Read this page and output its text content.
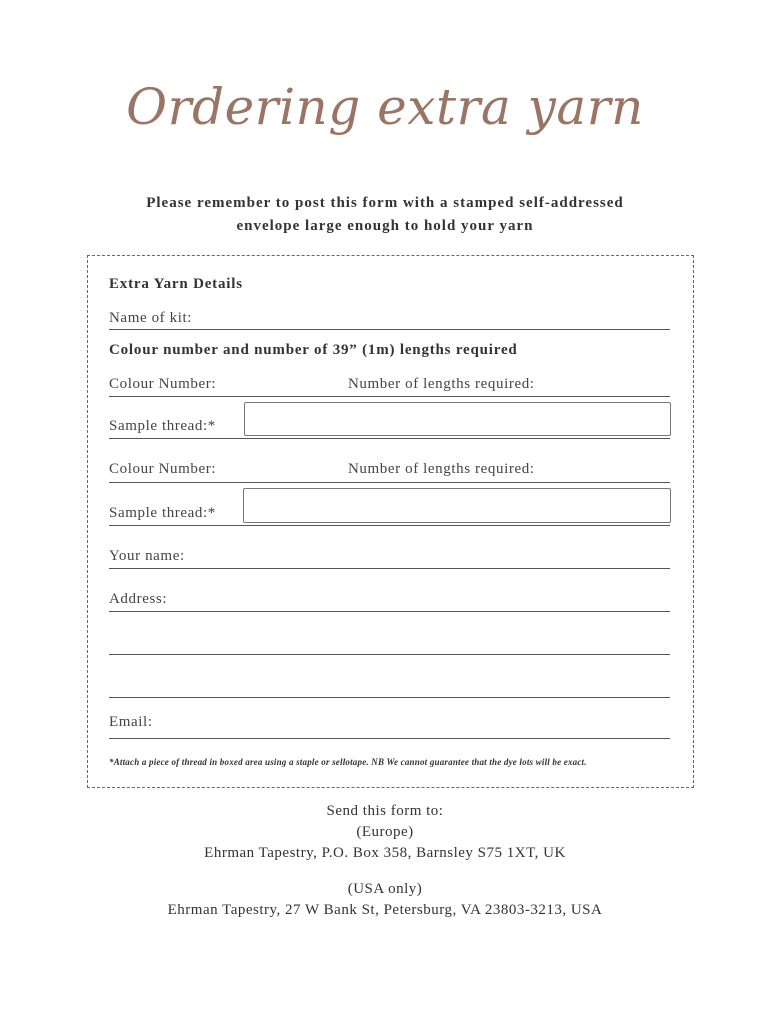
Ordering extra yarn
Please remember to post this form with a stamped self-addressed
envelope large enough to hold your yarn
Extra Yarn Details
Name of kit:
Colour number and number of 39” (1m) lengths required
Colour Number:	Number of lengths required:
Sample thread:*
Colour Number:	Number of lengths required:
Sample thread:*
Your name:
Address:
Email:
*Attach a piece of thread in boxed area using a staple or sellotape. NB We cannot guarantee that the dye lots will be exact.
Send this form to:
(Europe)
Ehrman Tapestry, P.O. Box 358, Barnsley S75 1XT, UK
(USA only)
Ehrman Tapestry, 27 W Bank St, Petersburg, VA 23803-3213, USA
